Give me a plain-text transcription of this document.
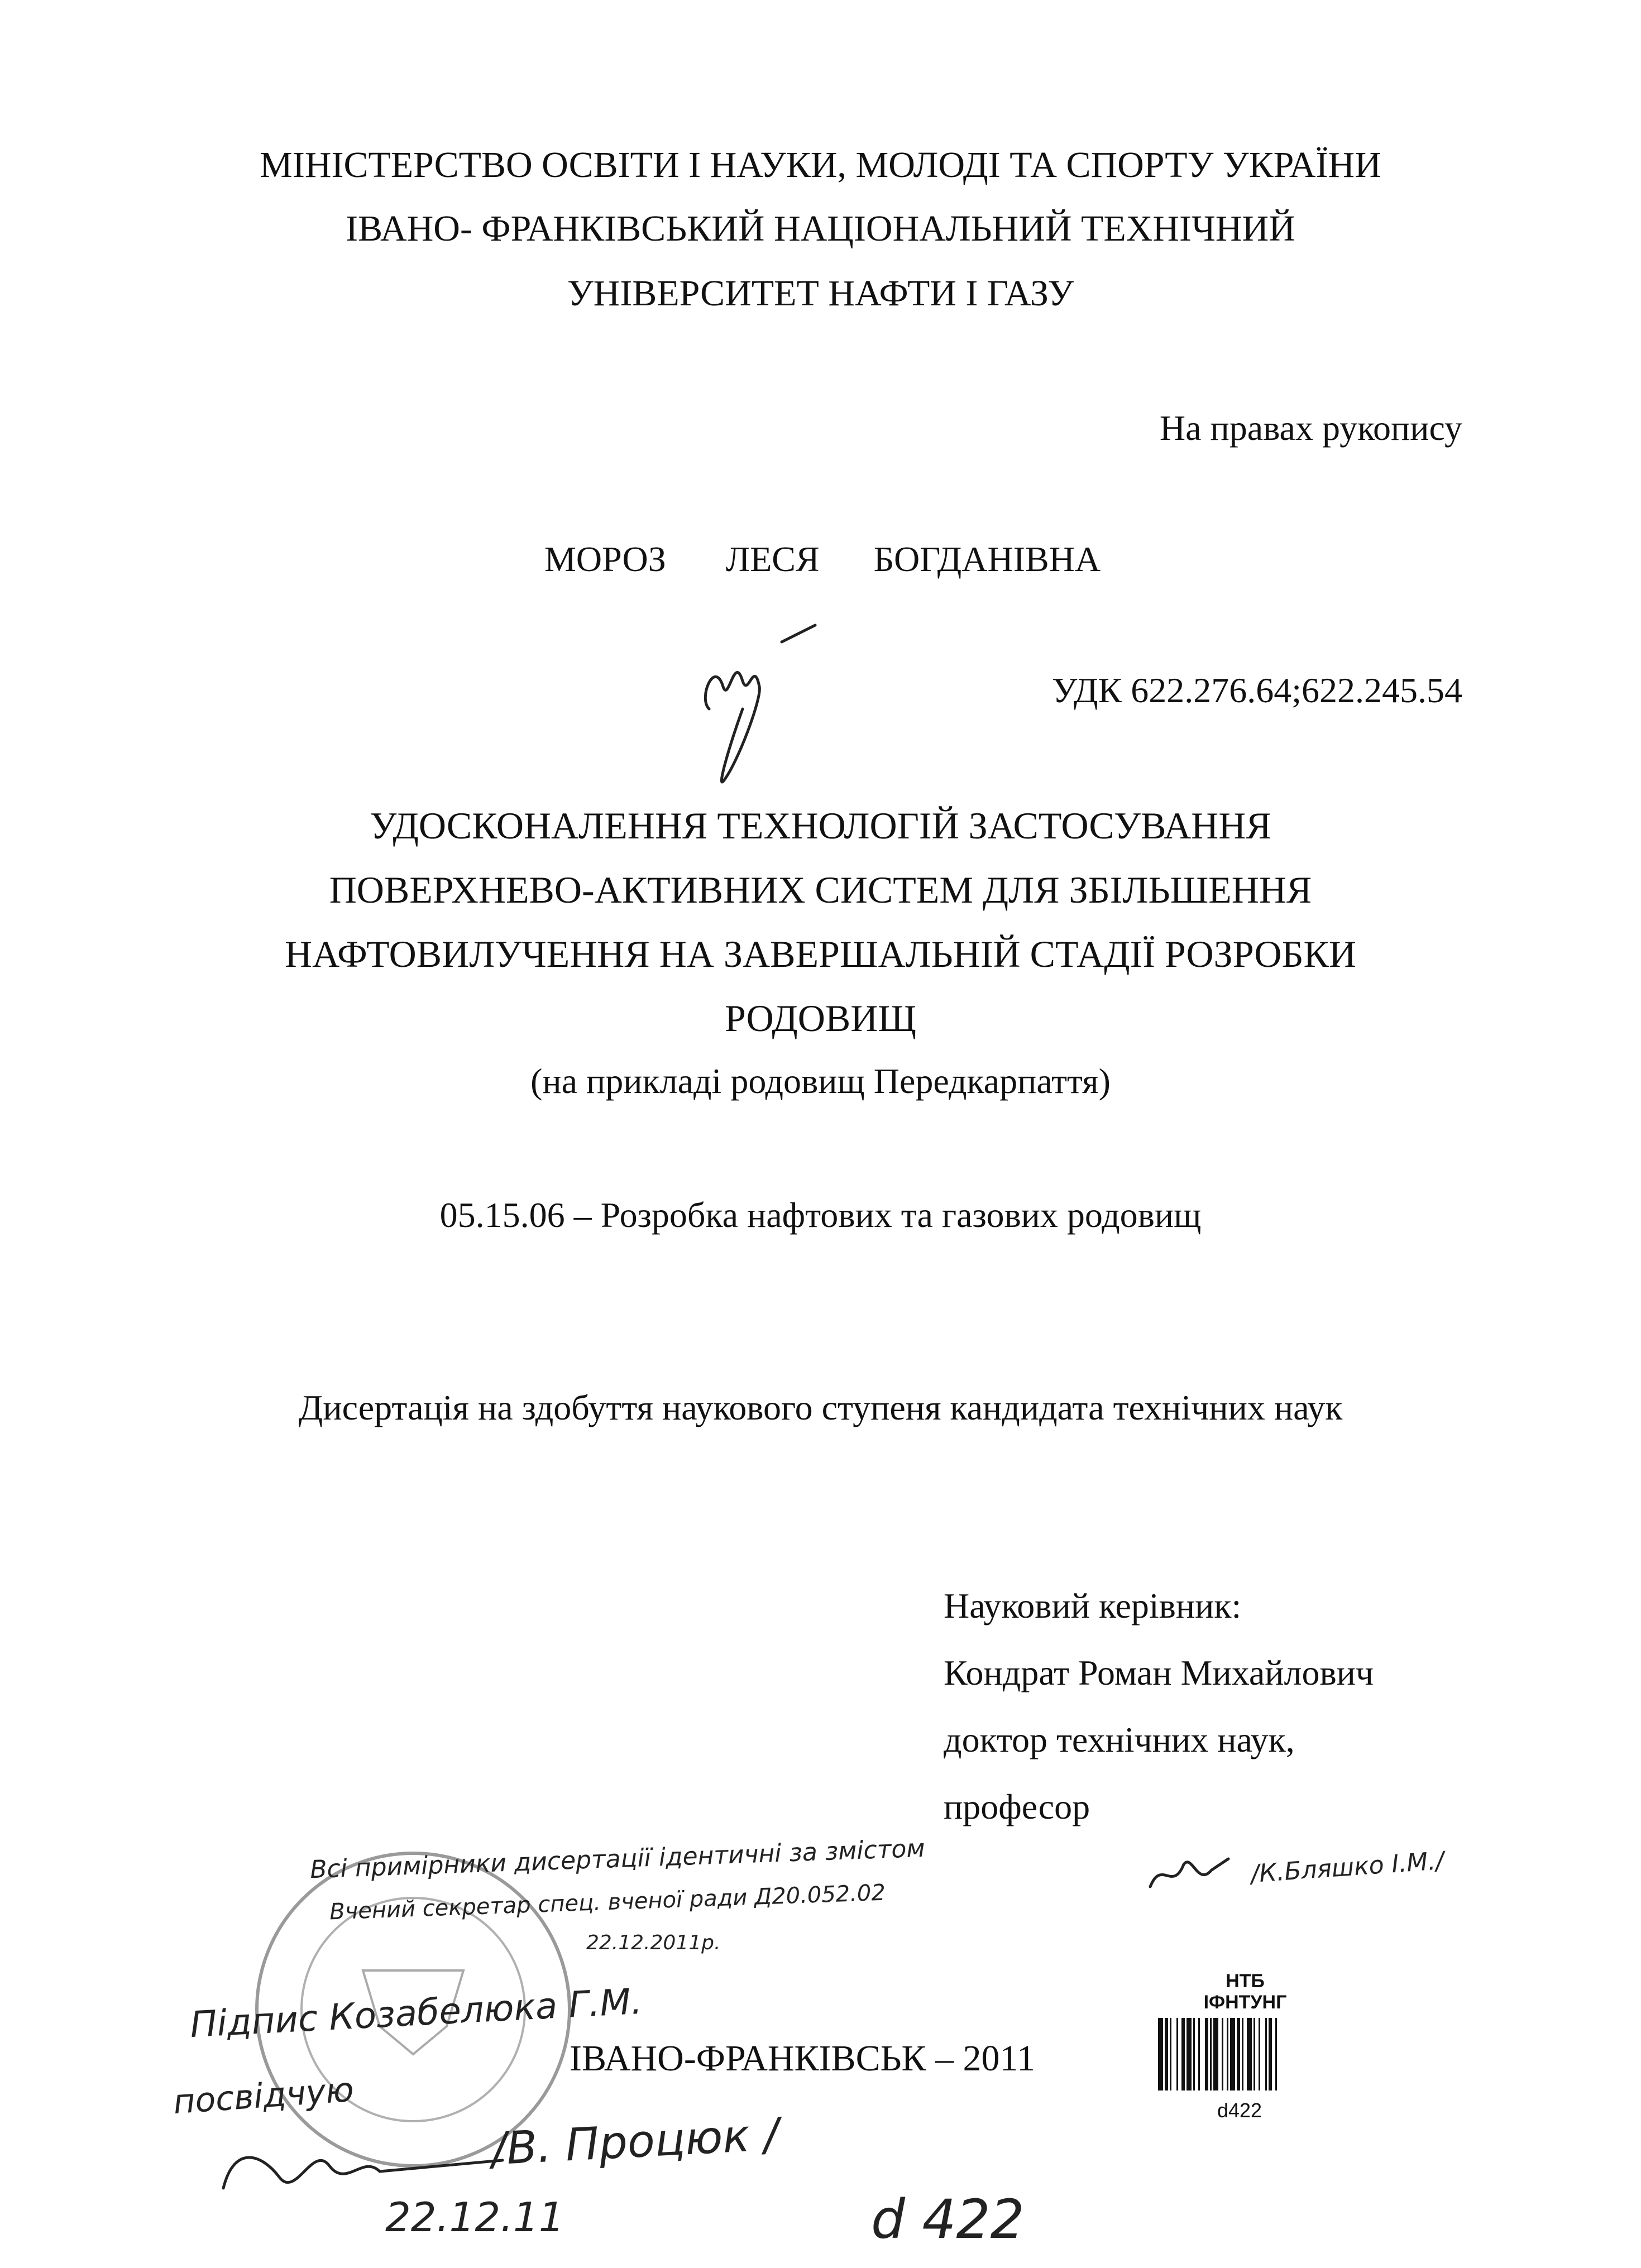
МІНІСТЕРСТВО ОСВІТИ І НАУКИ, МОЛОДІ ТА СПОРТУ УКРАЇНИ
ІВАНО- ФРАНКІВСЬКИЙ НАЦІОНАЛЬНИЙ ТЕХНІЧНИЙ
УНІВЕРСИТЕТ НАФТИ І ГАЗУ
На правах рукопису
МОРОЗ ЛЕСЯ БОГДАНІВНА
УДК 622.276.64;622.245.54
УДОСКОНАЛЕННЯ ТЕХНОЛОГІЙ ЗАСТОСУВАННЯ
ПОВЕРХНЕВО-АКТИВНИХ СИСТЕМ ДЛЯ ЗБІЛЬШЕННЯ
НАФТОВИЛУЧЕННЯ НА ЗАВЕРШАЛЬНІЙ СТАДІЇ РОЗРОБКИ
РОДОВИЩ
(на прикладі родовищ Передкарпаття)
05.15.06 – Розробка нафтових та газових родовищ
Дисертація на здобуття наукового ступеня кандидата технічних наук
Науковий керівник:
Кондрат Роман Михайлович
доктор технічних наук,
професор
Всі примірники дисертації ідентичні за змістом
Вчений секретар спец. вченої ради Д20.052.02
/К.Бляшко І.М./
22.12.2011р.
Підпис Козабелюка Г.М.
посвідчую
/В. Процюк /
22.12.11	d 422
ІВАНО-ФРАНКІВСЬК – 2011
НТБ
ІФНТУНГ
d422
